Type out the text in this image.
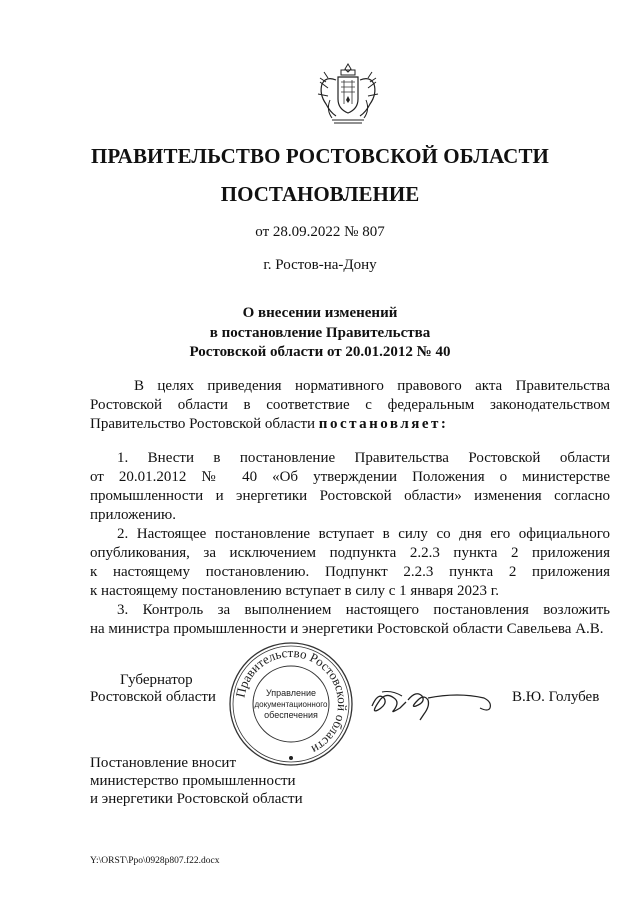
ПРАВИТЕЛЬСТВО РОСТОВСКОЙ ОБЛАСТИ
ПОСТАНОВЛЕНИЕ
от 28.09.2022 № 807
г. Ростов-на-Дону
О внесении изменений
в постановление Правительства
Ростовской области от 20.01.2012 № 40
В целях приведения нормативного правового акта Правительства
Ростовской области в соответствие с федеральным законодательством
Правительство Ростовской области постановляет:
1. Внести в постановление Правительства Ростовской области
от 20.01.2012 № 40 «Об утверждении Положения о министерстве
промышленности и энергетики Ростовской области» изменения согласно
приложению.
2. Настоящее постановление вступает в силу со дня его официального
опубликования, за исключением подпункта 2.2.3 пункта 2 приложения
к настоящему постановлению. Подпункт 2.2.3 пункта 2 приложения
к настоящему постановлению вступает в силу с 1 января 2023 г.
3. Контроль за выполнением настоящего постановления возложить
на министра промышленности и энергетики Ростовской области Савельева А.В.
Губернатор
Ростовской области Правительство Ростовской области
Управление
документационного
обеспечения
В.Ю. Голубев
Постановление вносит
министерство промышленности
и энергетики Ростовской области
Y:\ORST\Ppo\0928p807.f22.docx
